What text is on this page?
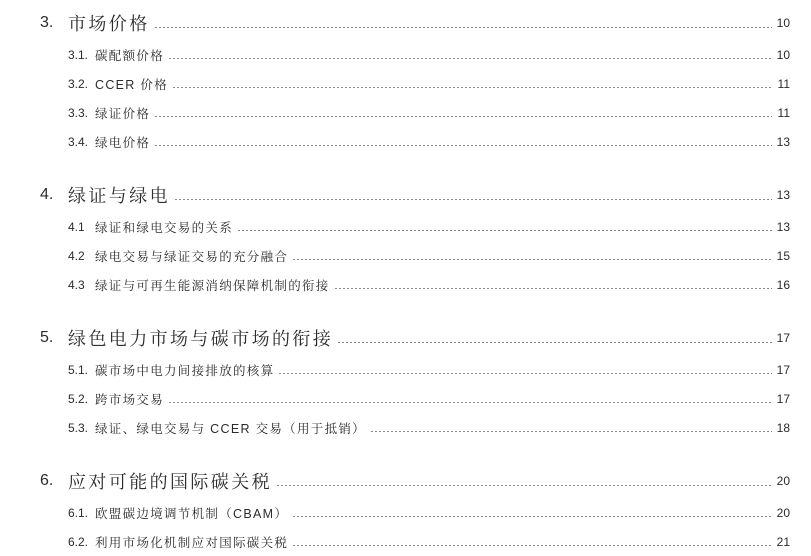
3. 市场价格	10
3.1. 碳配额价格	10
3.2. CCER 价格	11
3.3. 绿证价格	11
3.4. 绿电价格	13
4. 绿证与绿电	13
4.1 绿证和绿电交易的关系	13
4.2 绿电交易与绿证交易的充分融合	15
4.3 绿证与可再生能源消纳保障机制的衔接	16
5. 绿色电力市场与碳市场的衔接	17
5.1. 碳市场中电力间接排放的核算	17
5.2. 跨市场交易	17
5.3. 绿证、绿电交易与 CCER 交易（用于抵销）	18
6. 应对可能的国际碳关税	20
6.1. 欧盟碳边境调节机制（CBAM）	20
6.2. 利用市场化机制应对国际碳关税	21
